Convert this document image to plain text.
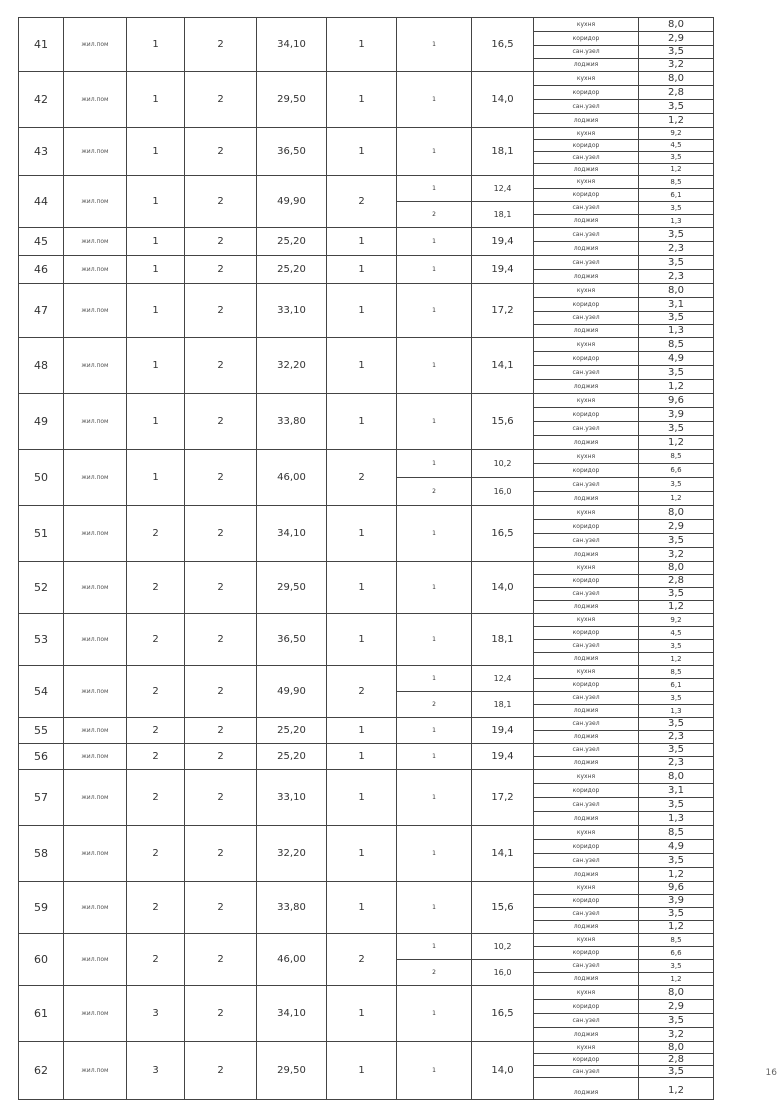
41	жил.пом	1	2	34,10	1	1	16,5	кухня	8,0
								коридор	2,9
								сан.узел	3,5
								лоджия	3,2
42	жил.пом	1	2	29,50	1	1	14,0	кухня	8,0
								коридор	2,8
								сан.узел	3,5
								лоджия	1,2
43	жил.пом	1	2	36,50	1	1	18,1	кухня	9,2
								коридор	4,5
								сан.узел	3,5
								лоджия	1,2
44	жил.пом	1	2	49,90	2	1	12,4	кухня	8,5
								коридор	6,1
						2	18,1	сан.узел	3,5
								лоджия	1,3
45	жил.пом	1	2	25,20	1	1	19,4	сан.узел	3,5
								лоджия	2,3
46	жил.пом	1	2	25,20	1	1	19,4	сан.узел	3,5
								лоджия	2,3
47	жил.пом	1	2	33,10	1	1	17,2	кухня	8,0
								коридор	3,1
								сан.узел	3,5
								лоджия	1,3
48	жил.пом	1	2	32,20	1	1	14,1	кухня	8,5
								коридор	4,9
								сан.узел	3,5
								лоджия	1,2
49	жил.пом	1	2	33,80	1	1	15,6	кухня	9,6
								коридор	3,9
								сан.узел	3,5
								лоджия	1,2
50	жил.пом	1	2	46,00	2	1	10,2	кухня	8,5
								коридор	6,6
						2	16,0	сан.узел	3,5
								лоджия	1,2
51	жил.пом	2	2	34,10	1	1	16,5	кухня	8,0
								коридор	2,9
								сан.узел	3,5
								лоджия	3,2
52	жил.пом	2	2	29,50	1	1	14,0	кухня	8,0
								коридор	2,8
								сан.узел	3,5
								лоджия	1,2
53	жил.пом	2	2	36,50	1	1	18,1	кухня	9,2
								коридор	4,5
								сан.узел	3,5
								лоджия	1,2
54	жил.пом	2	2	49,90	2	1	12,4	кухня	8,5
								коридор	6,1
						2	18,1	сан.узел	3,5
								лоджия	1,3
55	жил.пом	2	2	25,20	1	1	19,4	сан.узел	3,5
								лоджия	2,3
56	жил.пом	2	2	25,20	1	1	19,4	сан.узел	3,5
								лоджия	2,3
57	жил.пом	2	2	33,10	1	1	17,2	кухня	8,0
								коридор	3,1
								сан.узел	3,5
								лоджия	1,3
58	жил.пом	2	2	32,20	1	1	14,1	кухня	8,5
								коридор	4,9
								сан.узел	3,5
								лоджия	1,2
59	жил.пом	2	2	33,80	1	1	15,6	кухня	9,6
								коридор	3,9
								сан.узел	3,5
								лоджия	1,2
60	жил.пом	2	2	46,00	2	1	10,2	кухня	8,5
								коридор	6,6
						2	16,0	сан.узел	3,5
								лоджия	1,2
61	жил.пом	3	2	34,10	1	1	16,5	кухня	8,0
								коридор	2,9
								сан.узел	3,5
								лоджия	3,2
62	жил.пом	3	2	29,50	1	1	14,0	кухня	8,0
								коридор	2,8
								сан.узел	3,5
								лоджия	1,2
16
